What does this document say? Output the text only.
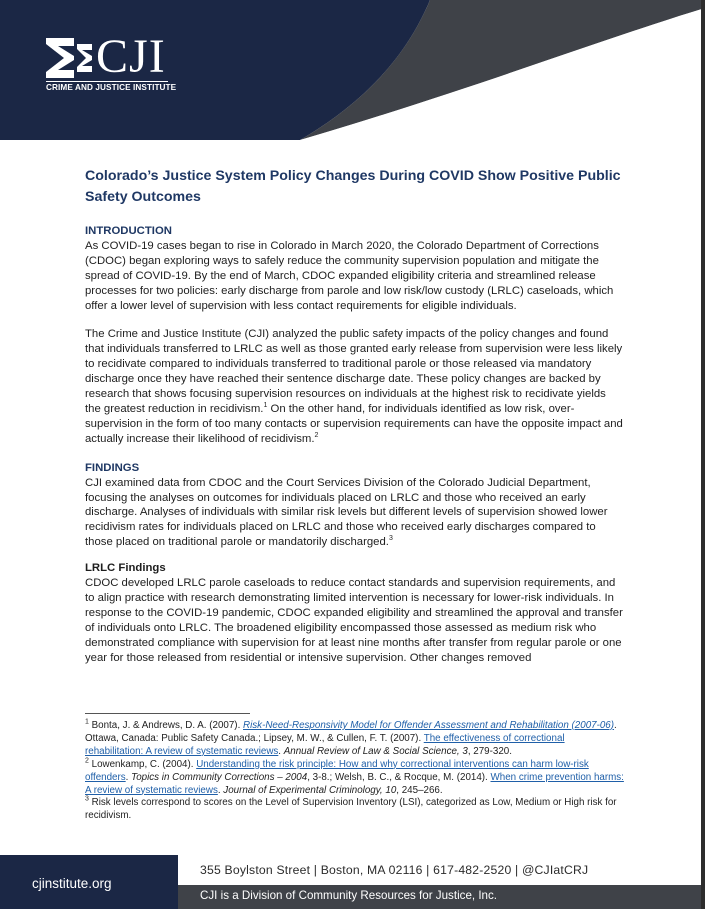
CJI
CRIME AND JUSTICE INSTITUTE
Colorado’s Justice System Policy Changes During COVID Show Positive Public Safety Outcomes

INTRODUCTION

As COVID-19 cases began to rise in Colorado in March 2020, the Colorado Department of Corrections (CDOC) began exploring ways to safely reduce the community supervision population and mitigate the spread of COVID-19. By the end of March, CDOC expanded eligibility criteria and streamlined release processes for two policies: early discharge from parole and low risk/low custody (LRLC) caseloads, which offer a lower level of supervision with less contact requirements for eligible individuals.

The Crime and Justice Institute (CJI) analyzed the public safety impacts of the policy changes and found that individuals transferred to LRLC as well as those granted early release from supervision were less likely to recidivate compared to individuals transferred to traditional parole or those released via mandatory discharge once they have reached their sentence discharge date. These policy changes are backed by research that shows focusing supervision resources on individuals at the highest risk to recidivate yields the greatest reduction in recidivism.$^1$ On the other hand, for individuals identified as low risk, over-supervision in the form of too many contacts or supervision requirements can have the opposite impact and actually increase their likelihood of recidivism.$^2$

FINDINGS

CJI examined data from CDOC and the Court Services Division of the Colorado Judicial Department, focusing the analyses on outcomes for individuals placed on LRLC and those who received an early discharge. Analyses of individuals with similar risk levels but different levels of supervision showed lower recidivism rates for individuals placed on LRLC and those who received early discharges compared to those placed on traditional parole or mandatorily discharged.$^3$

LRLC Findings

CDOC developed LRLC parole caseloads to reduce contact standards and supervision requirements, and to align practice with research demonstrating limited intervention is necessary for lower-risk individuals. In response to the COVID-19 pandemic, CDOC expanded eligibility and streamlined the approval and transfer of individuals onto LRLC. The broadened eligibility encompassed those assessed as medium risk who demonstrated compliance with supervision for at least nine months after transfer from regular parole or one year for those released from residential or intensive supervision. Other changes removed

$^1$ Bonta, J. & Andrews, D. A. (2007). Risk-Need-Responsivity Model for Offender Assessment and Rehabilitation (2007-06). Ottawa, Canada: Public Safety Canada.; Lipsey, M. W., & Cullen, F. T. (2007). The effectiveness of correctional rehabilitation: A review of systematic reviews. Annual Review of Law & Social Science, 3, 279-320.

$^2$ Lowenkamp, C. (2004). Understanding the risk principle: How and why correctional interventions can harm low-risk offenders. Topics in Community Corrections – 2004, 3-8.; Welsh, B. C., & Rocque, M. (2014). When crime prevention harms: A review of systematic reviews. Journal of Experimental Criminology, 10, 245–266.

$^3$ Risk levels correspond to scores on the Level of Supervision Inventory (LSI), categorized as Low, Medium or High risk for recidivism.

cjinstitute.org
355 Boylston Street | Boston, MA 02116 | 617-482-2520 | @CJIatCRJ
CJI is a Division of Community Resources for Justice, Inc.
